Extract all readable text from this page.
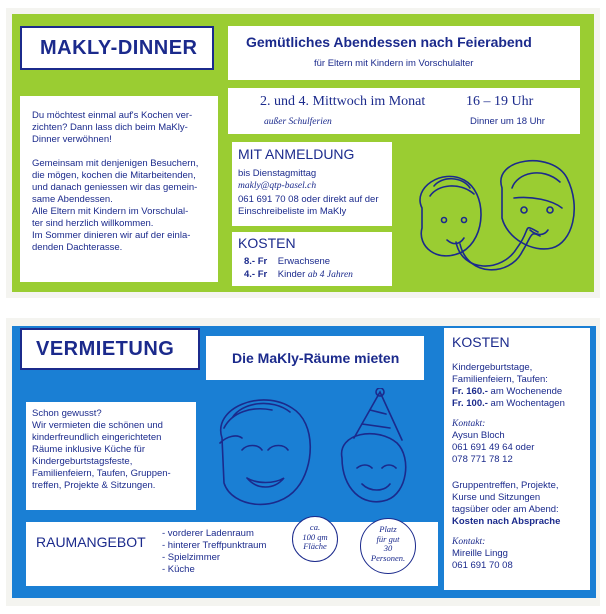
MAKLY-DINNER	Gemütliches Abendessen nach Feierabend
für Eltern mit Kindern im Vorschulalter
2. und 4. Mittwoch im Monat	16 – 19 Uhr
außer Schulferien	Dinner um 18 Uhr
Du möchtest einmal auf's Kochen ver-
zichten? Dann lass dich beim MaKly-
Dinner verwöhnen!

Gemeinsam mit denjenigen Besuchern,
die mögen, kochen die Mitarbeitenden,
und danach geniessen wir das gemein-
same Abendessen.
Alle Eltern mit Kindern im Vorschulal-
ter sind herzlich willkommen.
Im Sommer dinieren wir auf der einla-
denden Dachterasse.
MIT ANMELDUNG
bis Dienstagmittag
makly@qtp-basel.ch
061 691 70 08 oder direkt auf der
Einschreibeliste im MaKly
KOSTEN
8.- Fr Erwachsene
4.- Fr Kinder ab 4 Jahren
VERMIETUNG	Die MaKly-Räume mieten
Schon gewusst?
Wir vermieten die schönen und
kinderfreundlich eingerichteten
Räume inklusive Küche für
Kindergeburtstagsfeste,
Familienfeiern, Taufen, Gruppen-
treffen, Projekte & Sitzungen.
RAUMANGEBOT
- vorderer Ladenraum
- hinterer Treffpunktraum
- Spielzimmer
- Küche
ca.
100 qm
Fläche
Platz
für gut
30
Personen.
KOSTEN
Kindergeburtstage,
Familienfeiern, Taufen:
Fr. 160.- am Wochenende
Fr. 100.- am Wochentagen
Kontakt:
Aysun Bloch
061 691 49 64 oder
078 771 78 12
Gruppentreffen, Projekte,
Kurse und Sitzungen
tagsüber oder am Abend:
Kosten nach Absprache
Kontakt:
Mireille Lingg
061 691 70 08
